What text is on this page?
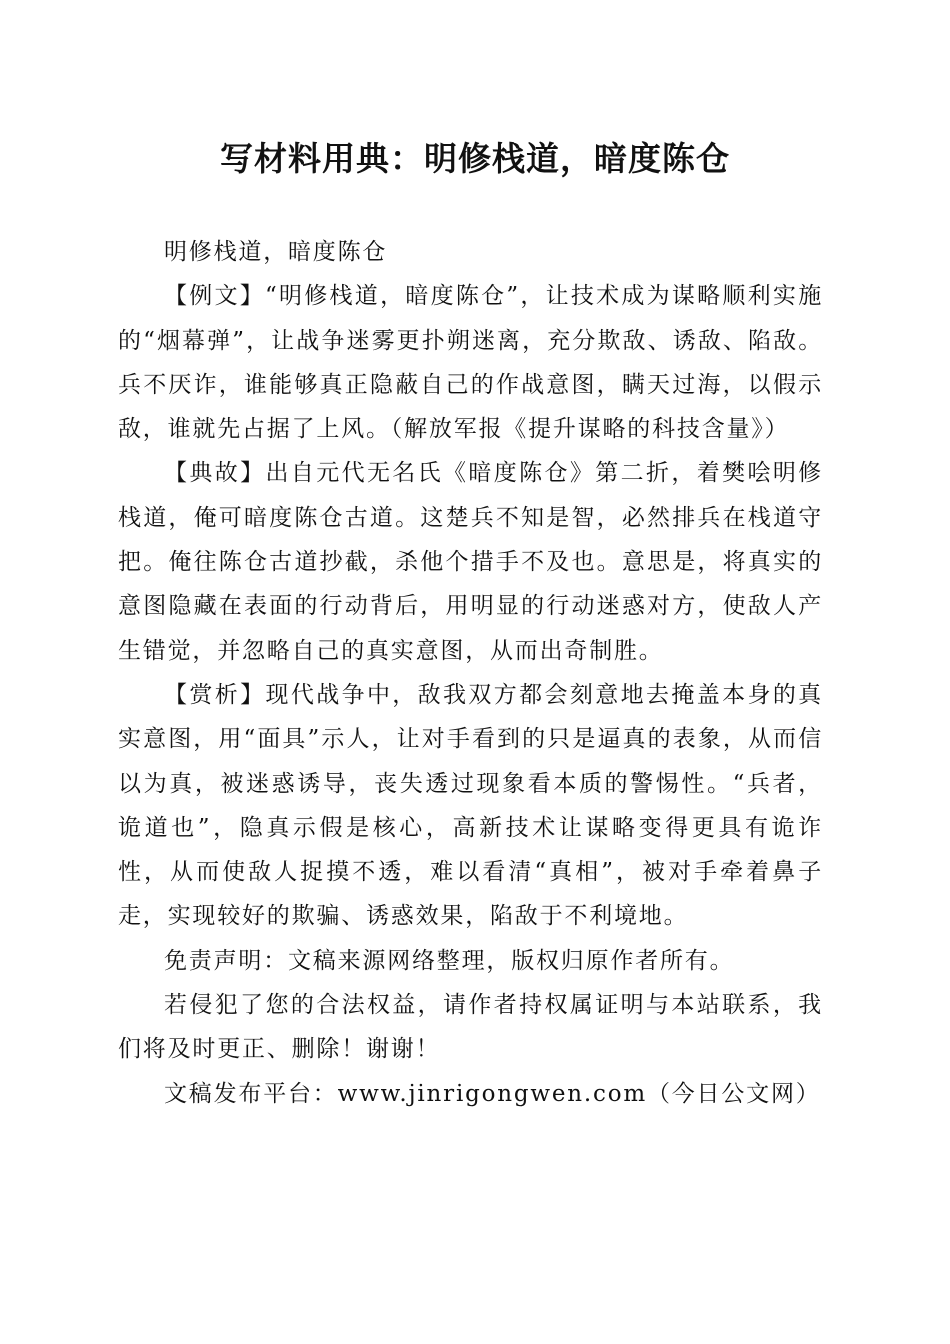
写材料用典：明修栈道，暗度陈仓

明修栈道，暗度陈仓

【例文】“明修栈道，暗度陈仓”，让技术成为谋略顺利实施的“烟幕弹”，让战争迷雾更扑朔迷离，充分欺敌、诱敌、陷敌。兵不厌诈，谁能够真正隐蔽自己的作战意图，瞒天过海，以假示敌，谁就先占据了上风。（解放军报《提升谋略的科技含量》）

【典故】出自元代无名氏《暗度陈仓》第二折，着樊哙明修栈道，俺可暗度陈仓古道。这楚兵不知是智，必然排兵在栈道守把。俺往陈仓古道抄截，杀他个措手不及也。意思是，将真实的意图隐藏在表面的行动背后，用明显的行动迷惑对方，使敌人产生错觉，并忽略自己的真实意图，从而出奇制胜。

【赏析】现代战争中，敌我双方都会刻意地去掩盖本身的真实意图，用“面具”示人，让对手看到的只是逼真的表象，从而信以为真，被迷惑诱导，丧失透过现象看本质的警惕性。“兵者，诡道也”，隐真示假是核心，高新技术让谋略变得更具有诡诈性，从而使敌人捉摸不透，难以看清“真相”，被对手牵着鼻子走，实现较好的欺骗、诱惑效果，陷敌于不利境地。

免责声明：文稿来源网络整理，版权归原作者所有。

若侵犯了您的合法权益，请作者持权属证明与本站联系，我们将及时更正、删除！谢谢！

文稿发布平台：www.jinrigongwen.com（今日公文网）
